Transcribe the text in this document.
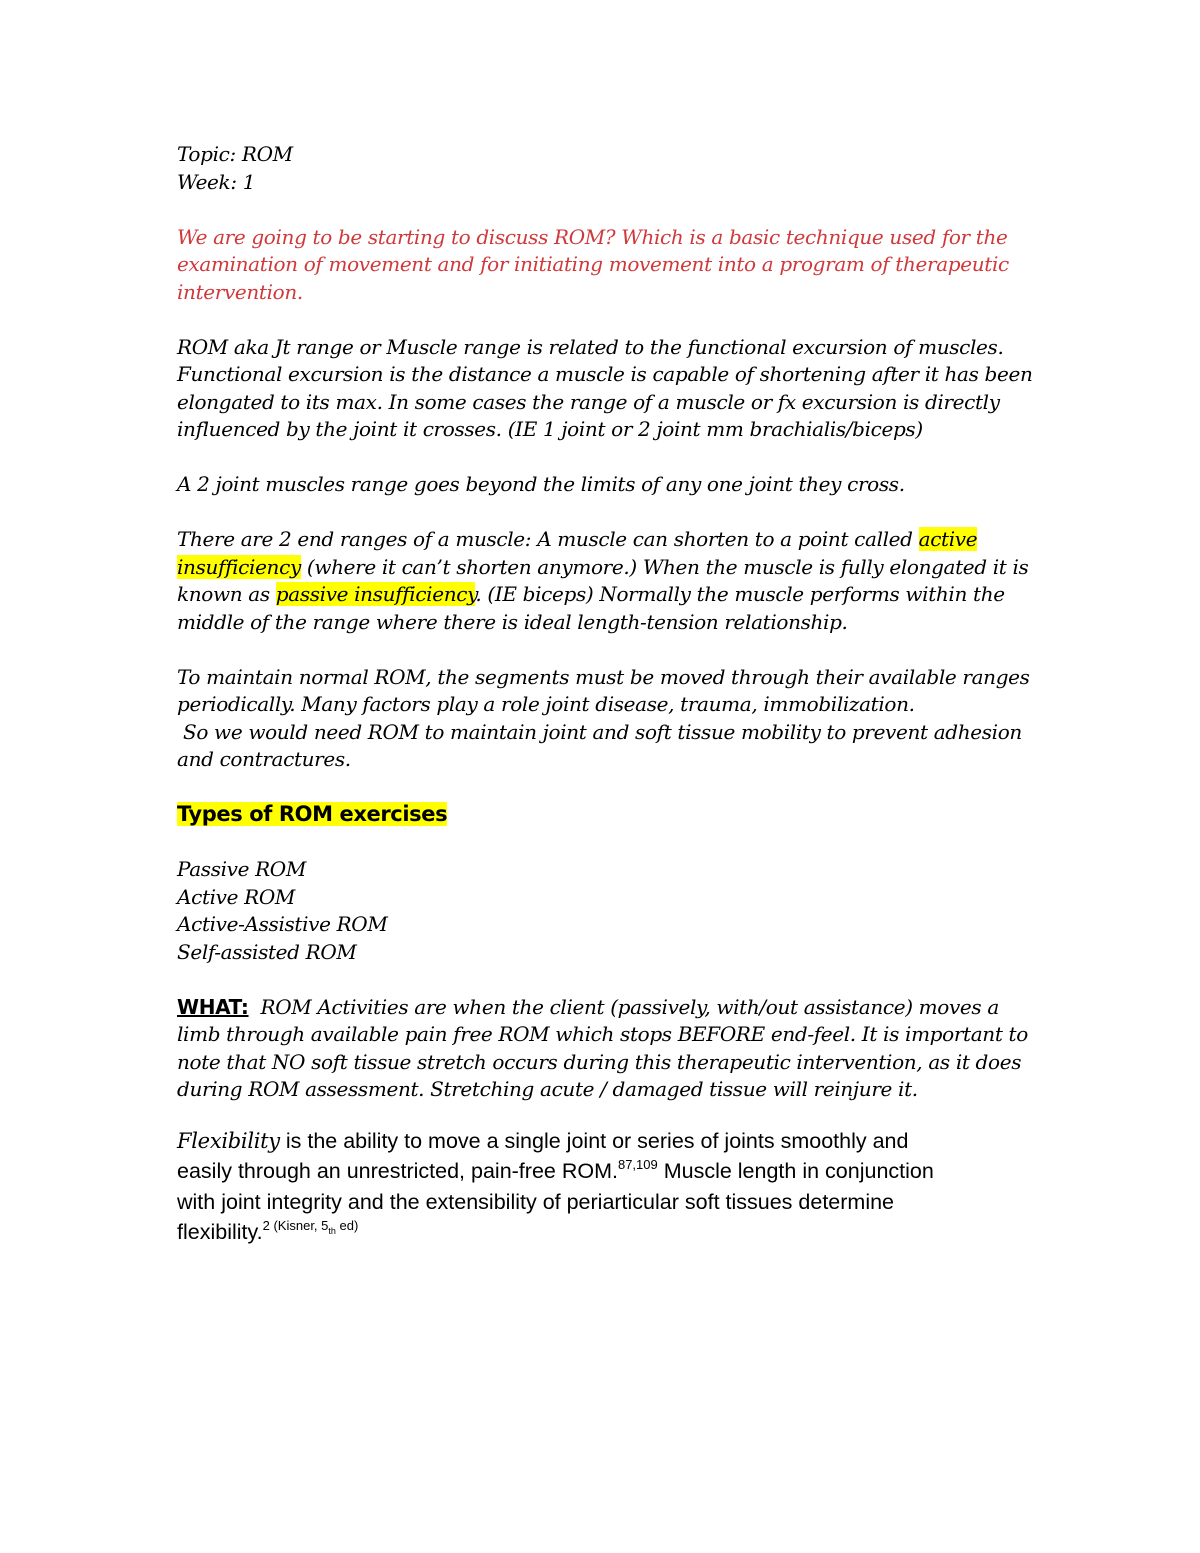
Topic: ROM

Week: 1

We are going to be starting to discuss ROM? Which is a basic technique used for the examination of movement and for initiating movement into a program of therapeutic intervention.

ROM aka Jt range or Muscle range is related to the functional excursion of muscles.

Functional excursion is the distance a muscle is capable of shortening after it has been

elongated to its max. In some cases the range of a muscle or fx excursion is directly

influenced by the joint it crosses. (IE 1 joint or 2 joint mm brachialis/biceps)

A 2 joint muscles range goes beyond the limits of any one joint they cross.

There are 2 end ranges of a muscle: A muscle can shorten to a point called active

insufficiency (where it can’t shorten anymore.) When the muscle is fully elongated it is

known as passive insufficiency. (IE biceps) Normally the muscle performs within the

middle of the range where there is ideal length-tension relationship.

To maintain normal ROM, the segments must be moved through their available ranges

periodically. Many factors play a role joint disease, trauma, immobilization.

So we would need ROM to maintain joint and soft tissue mobility to prevent adhesion

and contractures.

Types of ROM exercises

Passive ROM

Active ROM

Active-Assistive ROM

Self-assisted ROM

WHAT:  ROM Activities are when the client (passively, with/out assistance) moves a

limb through available pain free ROM which stops BEFORE end-feel. It is important to

note that NO soft tissue stretch occurs during this therapeutic intervention, as it does

during ROM assessment. Stretching acute / damaged tissue will reinjure it.

Flexibility is the ability to move a single joint or series of joints smoothly and

easily through an unrestricted, pain-free ROM.$^{87,109}$ Muscle length in conjunction

with joint integrity and the extensibility of periarticular soft tissues determine

flexibility.$^{2 (Kisner, 5_{th} ed)}$
